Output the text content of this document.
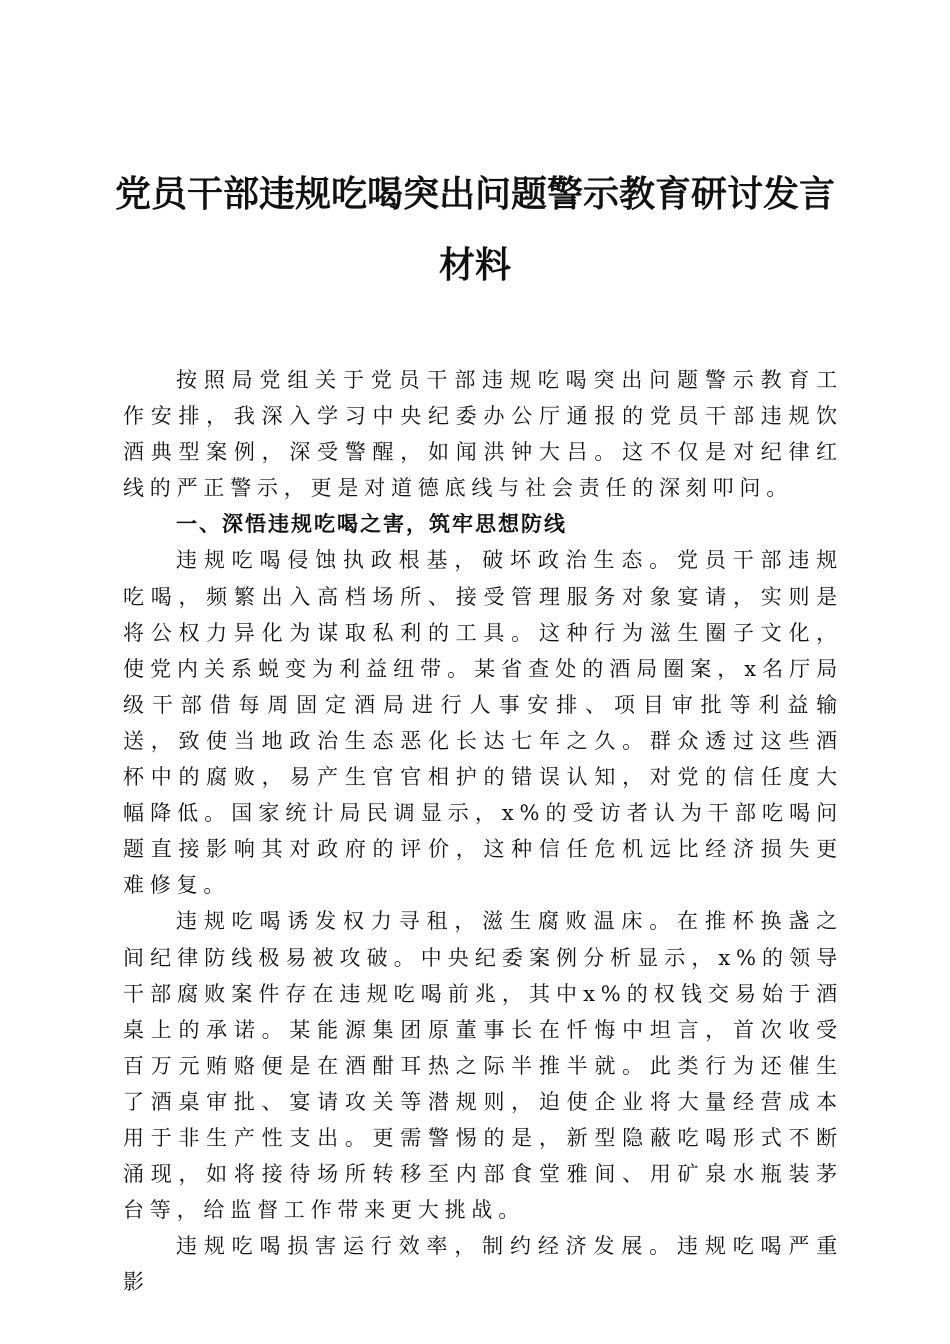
党员干部违规吃喝突出问题警示教育研讨发言
材料

按照局党组关于党员干部违规吃喝突出问题警示教育工作安排，我深入学习中央纪委办公厅通报的党员干部违规饮酒典型案例，深受警醒，如闻洪钟大吕。这不仅是对纪律红线的严正警示，更是对道德底线与社会责任的深刻叩问。

一、深悟违规吃喝之害，筑牢思想防线

违规吃喝侵蚀执政根基，破坏政治生态。党员干部违规吃喝，频繁出入高档场所、接受管理服务对象宴请，实则是将公权力异化为谋取私利的工具。这种行为滋生圈子文化，使党内关系蜕变为利益纽带。某省查处的酒局圈案，x名厅局级干部借每周固定酒局进行人事安排、项目审批等利益输送，致使当地政治生态恶化长达七年之久。群众透过这些酒杯中的腐败，易产生官官相护的错误认知，对党的信任度大幅降低。国家统计局民调显示，x%的受访者认为干部吃喝问题直接影响其对政府的评价，这种信任危机远比经济损失更难修复。

违规吃喝诱发权力寻租，滋生腐败温床。在推杯换盏之间纪律防线极易被攻破。中央纪委案例分析显示，x%的领导干部腐败案件存在违规吃喝前兆，其中x%的权钱交易始于酒桌上的承诺。某能源集团原董事长在忏悔中坦言，首次收受百万元贿赂便是在酒酣耳热之际半推半就。此类行为还催生了酒桌审批、宴请攻关等潜规则，迫使企业将大量经营成本用于非生产性支出。更需警惕的是，新型隐蔽吃喝形式不断涌现，如将接待场所转移至内部食堂雅间、用矿泉水瓶装茅台等，给监督工作带来更大挑战。

违规吃喝损害运行效率，制约经济发展。违规吃喝严重影
